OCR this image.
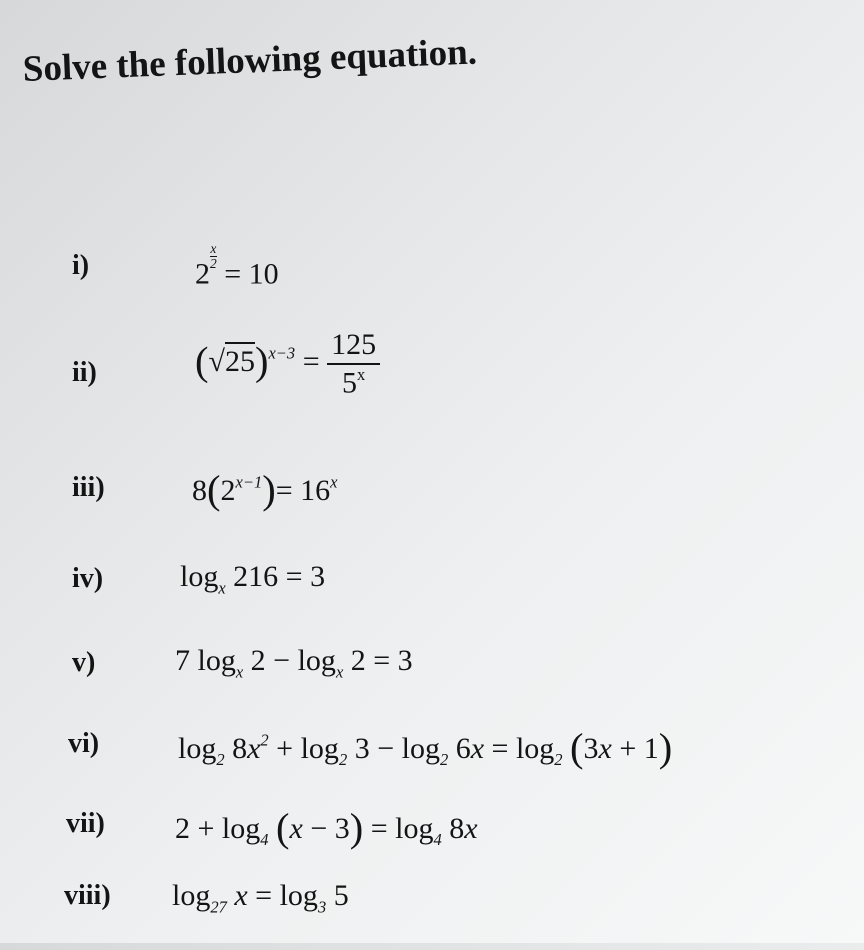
Solve the following equation.
i)	2
$\frac{x}{2}$
= 10
ii) $(√25)^{x-3} = \frac{125}{5^x}$
iii)	$8(2^{x-1})= 16^x$
iv)	$\log_x 216 = 3$
v)	7 $\log_x 2 - \log_x 2 = 3$
vi)	$\log_2 8x^2 + \log_2 3 - \log_2 6x = \log_2 (3x + 1)$
vii) $2 + \log_4 (x - 3) = \log_4 8x$
viii) $\log_{27} x = \log_3 5$
